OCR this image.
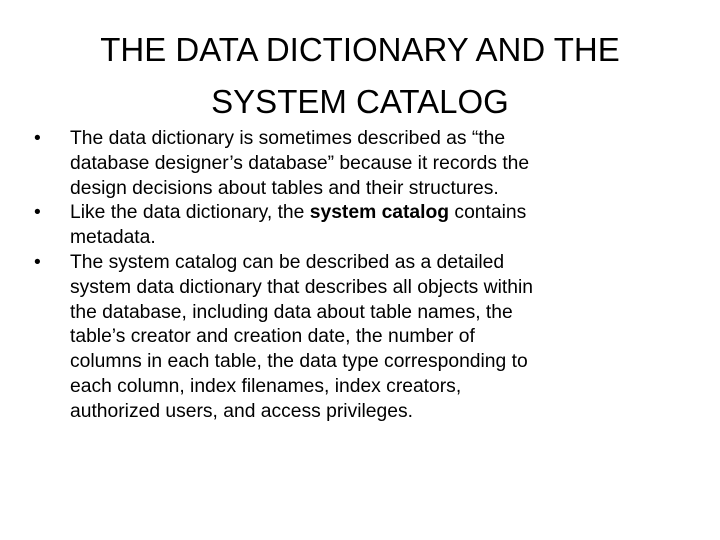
THE DATA DICTIONARY AND THE
SYSTEM CATALOG
•	The data dictionary is sometimes described as “the
database designer’s database” because it records the
design decisions about tables and their structures.
•	Like the data dictionary, the system catalog contains
metadata.
•	The system catalog can be described as a detailed
system data dictionary that describes all objects within
the database, including data about table names, the
table’s creator and creation date, the number of
columns in each table, the data type corresponding to
each column, index filenames, index creators,
authorized users, and access privileges.
